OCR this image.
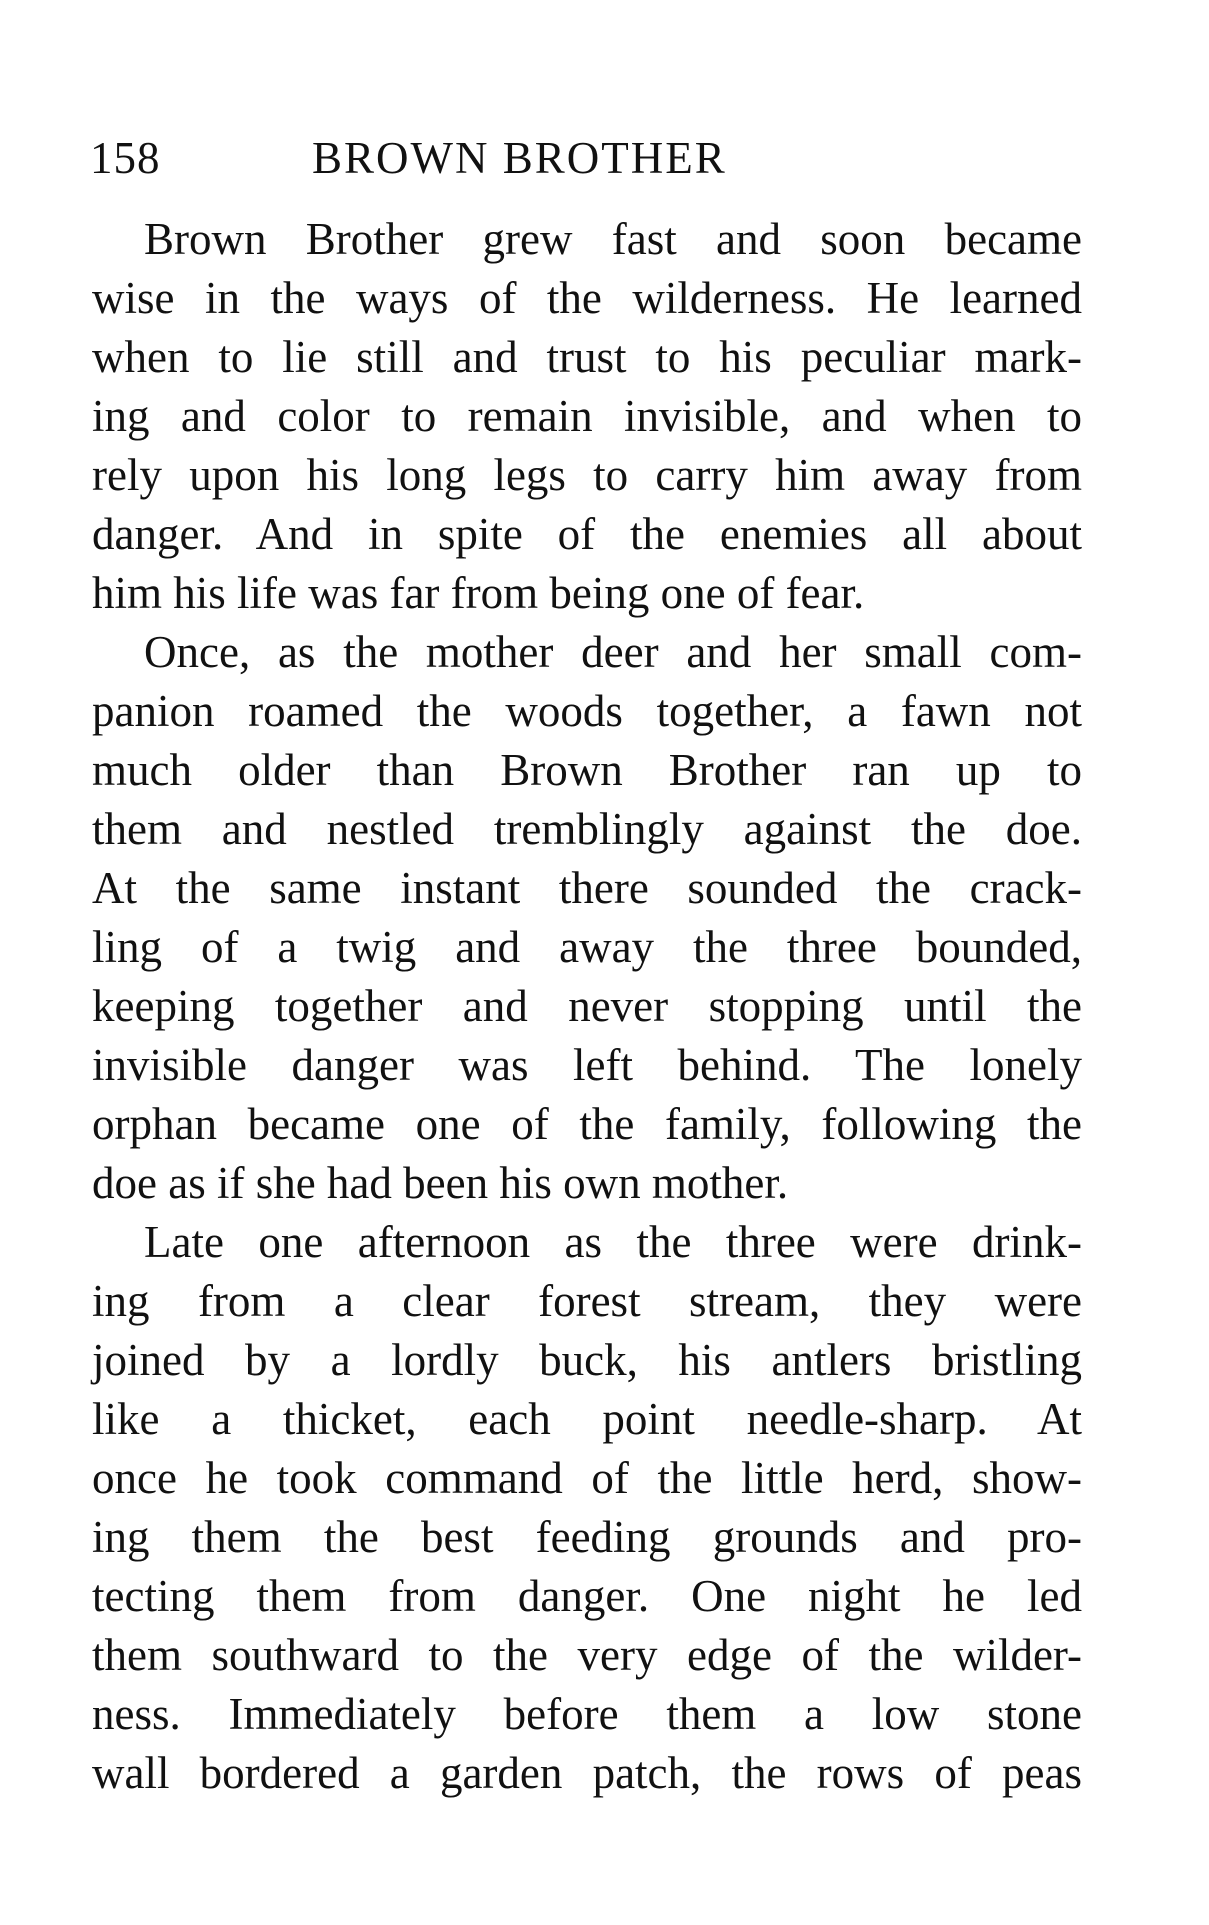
158	BROWN BROTHER

Brown Brother grew fast and soon became
wise in the ways of the wilderness. He learned
when to lie still and trust to his peculiar mark-
ing and color to remain invisible, and when to
rely upon his long legs to carry him away from
danger. And in spite of the enemies all about
him his life was far from being one of fear.

Once, as the mother deer and her small com-
panion roamed the woods together, a fawn not
much older than Brown Brother ran up to
them and nestled tremblingly against the doe.
At the same instant there sounded the crack-
ling of a twig and away the three bounded,
keeping together and never stopping until the
invisible danger was left behind. The lonely
orphan became one of the family, following the
doe as if she had been his own mother.

Late one afternoon as the three were drink-
ing from a clear forest stream, they were
joined by a lordly buck, his antlers bristling
like a thicket, each point needle-sharp. At
once he took command of the little herd, show-
ing them the best feeding grounds and pro-
tecting them from danger. One night he led
them southward to the very edge of the wilder-
ness. Immediately before them a low stone
wall bordered a garden patch, the rows of peas
